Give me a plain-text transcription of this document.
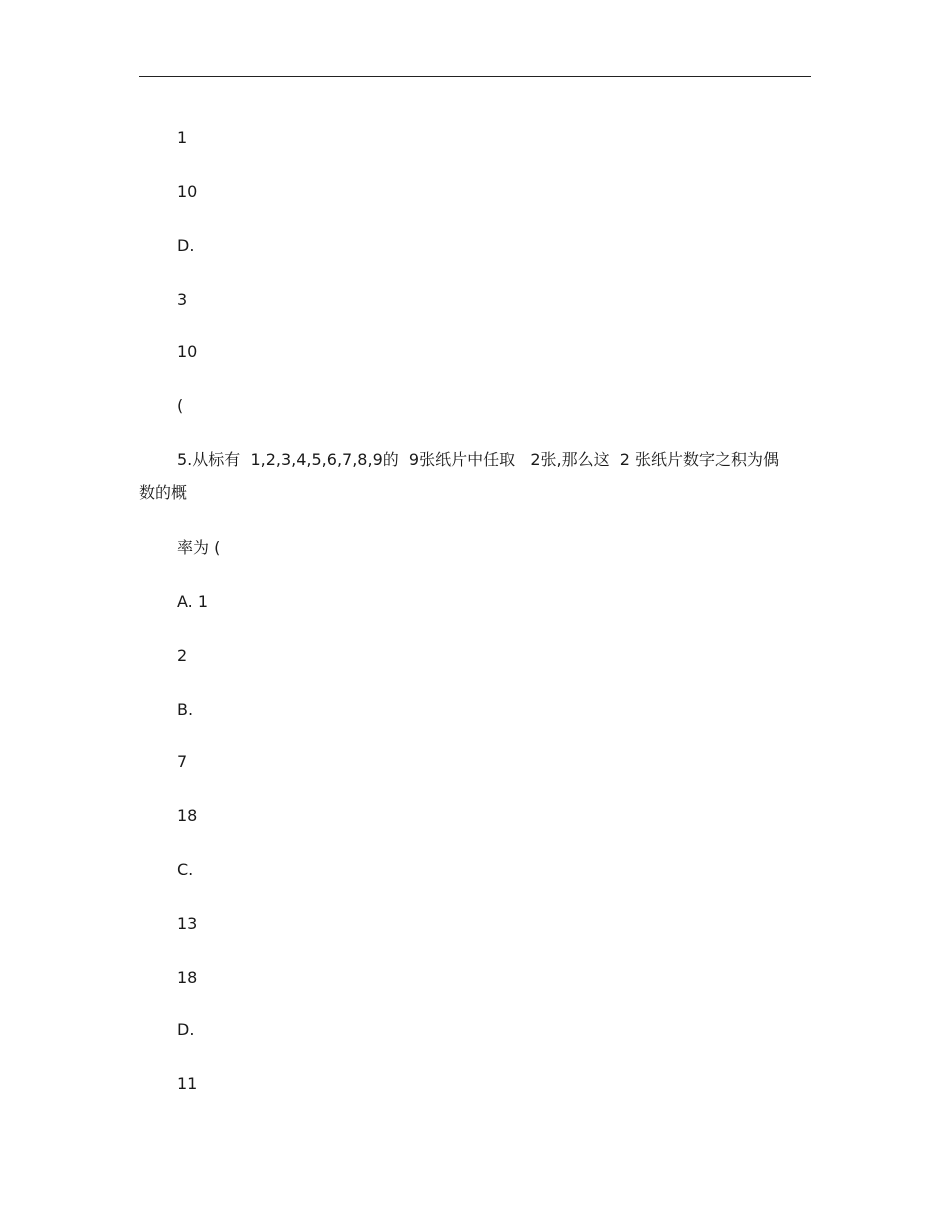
1
10
D.
3
10
(
5.从标有  1,2,3,4,5,6,7,8,9的  9张纸片中任取   2张,那么这  2 张纸片数字之积为偶
数的概
率为 (
A. 1
2
B.
7
18
C.
13
18
D.
11
